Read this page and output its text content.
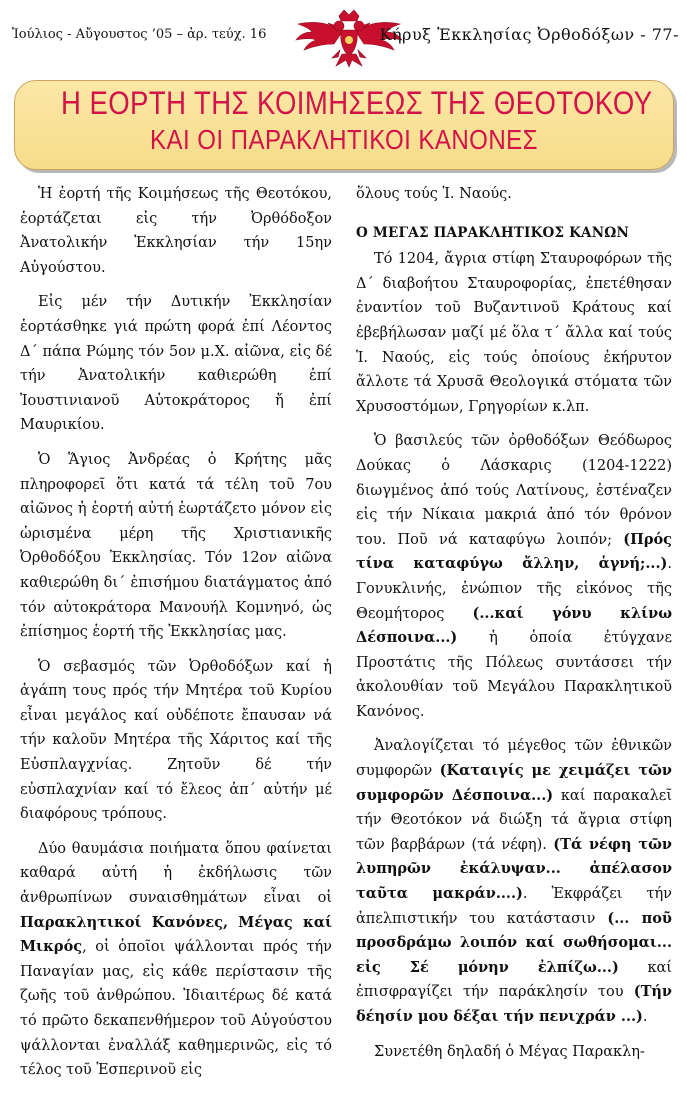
Ἰούλιος - Αὔγουστος ’05 – ἀρ. τεύχ. 16	Κήρυξ Ἐκκλησίας Ὀρθοδόξων - 77-
Η ΕΟΡΤΗ ΤΗΣ ΚΟΙΜΗΣΕΩΣ ΤΗΣ ΘΕΟΤΟΚΟΥ
ΚΑΙ ΟΙ ΠΑΡΑΚΛΗΤΙΚΟΙ ΚΑΝΟΝΕΣ

Ἡ ἑορτή τῆς Κοιμήσεως τῆς Θεοτόκου, ἑορτάζεται εἰς τήν Ὀρθόδοξον Ἀνατολικήν Ἐκκλησίαν τήν 15ην Αὐγούστου.

Εἰς μέν τήν Δυτικήν Ἐκκλησίαν ἑορτάσθηκε γιά πρώτη φορά ἐπί Λέοντος Δ΄ πάπα Ρώμης τόν 5ον μ.Χ. αἰῶνα, εἰς δέ τήν Ἀνατολικήν καθιερώθη ἐπί Ἰουστινιανοῦ Αὐτοκράτορος ἤ ἐπί Μαυρικίου.

Ὁ Ἅγιος Ἀνδρέας ὁ Κρήτης μᾶς πληροφορεῖ ὅτι κατά τά τέλη τοῦ 7ου αἰῶνος ἡ ἑορτή αὐτή ἑωρτάζετο μόνον εἰς ὡρισμένα μέρη τῆς Χριστιανικῆς Ὀρθοδόξου Ἐκκλησίας. Τόν 12ον αἰῶνα καθιερώθη δι΄ ἐπισήμου διατάγματος ἀπό τόν αὐτοκράτορα Μανουήλ Κομνηνό, ὡς ἐπίσημος ἑορτή τῆς Ἐκκλησίας μας.

Ὁ σεβασμός τῶν Ὀρθοδόξων καί ἡ ἀγάπη τους πρός τήν Μητέρα τοῦ Κυρίου εἶναι μεγάλος καί οὐδέποτε ἔπαυσαν νά τήν καλοῦν Μητέρα τῆς Χάριτος καί τῆς Εὐσπλαγχνίας. Ζητοῦν δέ τήν εὐσπλαχνίαν καί τό ἔλεος ἀπ΄ αὐτήν μέ διαφόρους τρόπους.

Δύο θαυμάσια ποιήματα ὅπου φαίνεται καθαρά αὐτή ἡ ἐκδήλωσις τῶν ἀνθρωπίνων συναισθημάτων εἶναι οἱ Παρακλητικοί Κανόνες, Μέγας καί Μικρός, οἱ ὁποῖοι ψάλλονται πρός τήν Παναγίαν μας, εἰς κάθε περίστασιν τῆς ζωῆς τοῦ ἀνθρώπου. Ἰδιαιτέρως δέ κατά τό πρῶτο δεκαπενθήμερον τοῦ Αὐγούστου ψάλλονται ἐναλλάξ καθημερινῶς, εἰς τό τέλος τοῦ Ἑσπερινοῦ εἰς

ὅλους τούς Ἱ. Ναούς.

Ο ΜΕΓΑΣ ΠΑΡΑΚΛΗΤΙΚΟΣ ΚΑΝΩΝ

Τό 1204, ἄγρια στίφη Σταυροφόρων τῆς Δ΄ διαβοήτου Σταυροφορίας, ἐπετέθησαν ἐναντίον τοῦ Βυζαντινοῦ Κράτους καί ἐβεβήλωσαν μαζί μέ ὅλα τ΄ ἄλλα καί τούς Ἱ. Ναούς, εἰς τούς ὁποίους ἐκήρυτον ἄλλοτε τά Χρυσᾶ Θεολογικά στόματα τῶν Χρυσοστόμων, Γρηγορίων κ.λπ.

Ὁ βασιλεύς τῶν ὀρθοδόξων Θεόδωρος Δούκας ὁ Λάσκαρις (1204-1222) διωγμένος ἀπό τούς Λατίνους, ἐστέναζεν εἰς τήν Νίκαια μακριά ἀπό τόν θρόνον του. Ποῦ νά καταφύγω λοιπόν; (Πρός τίνα καταφύγω ἄλλην, ἁγνή;...). Γονυκλινής, ἐνώπιον τῆς εἰκόνος τῆς Θεομήτορος (...καί γόνυ κλίνω Δέσποινα...) ἡ ὁποία ἐτύγχανε Προστάτις τῆς Πόλεως συντάσσει τήν ἀκολουθίαν τοῦ Μεγάλου Παρακλητικοῦ Κανόνος.

Ἀναλογίζεται τό μέγεθος τῶν ἐθνικῶν συμφορῶν (Καταιγίς με χειμάζει τῶν συμφορῶν Δέσποινα...) καί παρακαλεῖ τήν Θεοτόκον νά διώξη τά ἄγρια στίφη τῶν βαρβάρων (τά νέφη). (Τά νέφη τῶν λυπηρῶν ἐκάλυψαν... ἀπέλασον ταῦτα μακράν....). Ἐκφράζει τήν ἀπελπιστικήν του κατάστασιν (... ποῦ προσδράμω λοιπόν καί σωθήσομαι... εἰς Σέ μόνην ἐλπίζω...) καί ἐπισφραγίζει τήν παράκλησίν του (Τήν δέησίν μου δέξαι τήν πενιχράν ...).

Συνετέθη δηλαδή ὁ Μέγας Παρακλη-
